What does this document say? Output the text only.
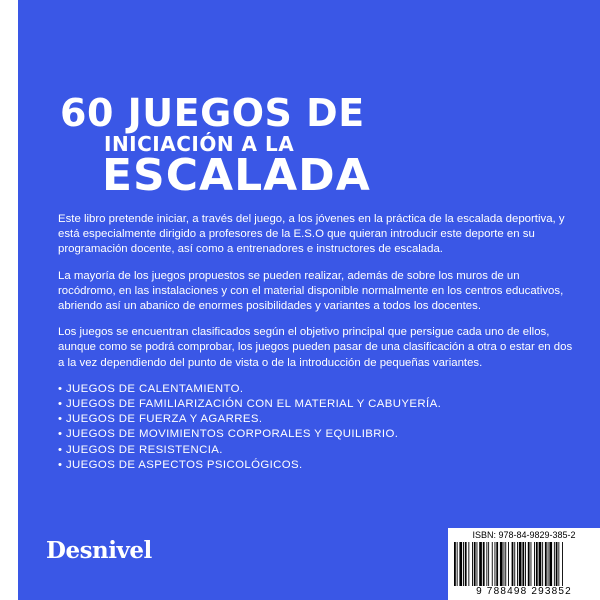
60 JUEGOS DE
INICIACIÓN A LA
ESCALADA

Este libro pretende iniciar, a través del juego, a los jóvenes en la práctica de la escalada deportiva, y está especialmente dirigido a profesores de la E.S.O que quieran introducir este deporte en su programación docente, así como a entrenadores e instructores de escalada.

La mayoría de los juegos propuestos se pueden realizar, además de sobre los muros de un rocódromo, en las instalaciones y con el material disponible normalmente en los centros educativos, abriendo así un abanico de enormes posibilidades y variantes a todos los docentes.

Los juegos se encuentran clasificados según el objetivo principal que persigue cada uno de ellos, aunque como se podrá comprobar, los juegos pueden pasar de una clasificación a otra o estar en dos a la vez dependiendo del punto de vista o de la introducción de pequeñas variantes.

• JUEGOS DE CALENTAMIENTO.
• JUEGOS DE FAMILIARIZACIÓN CON EL MATERIAL Y CABUYERÍA.
• JUEGOS DE FUERZA Y AGARRES.
• JUEGOS DE MOVIMIENTOS CORPORALES Y EQUILIBRIO.
• JUEGOS DE RESISTENCIA.
• JUEGOS DE ASPECTOS PSICOLÓGICOS.
Desnivel
ISBN: 978-84-9829-385-2
9 788498 293852
